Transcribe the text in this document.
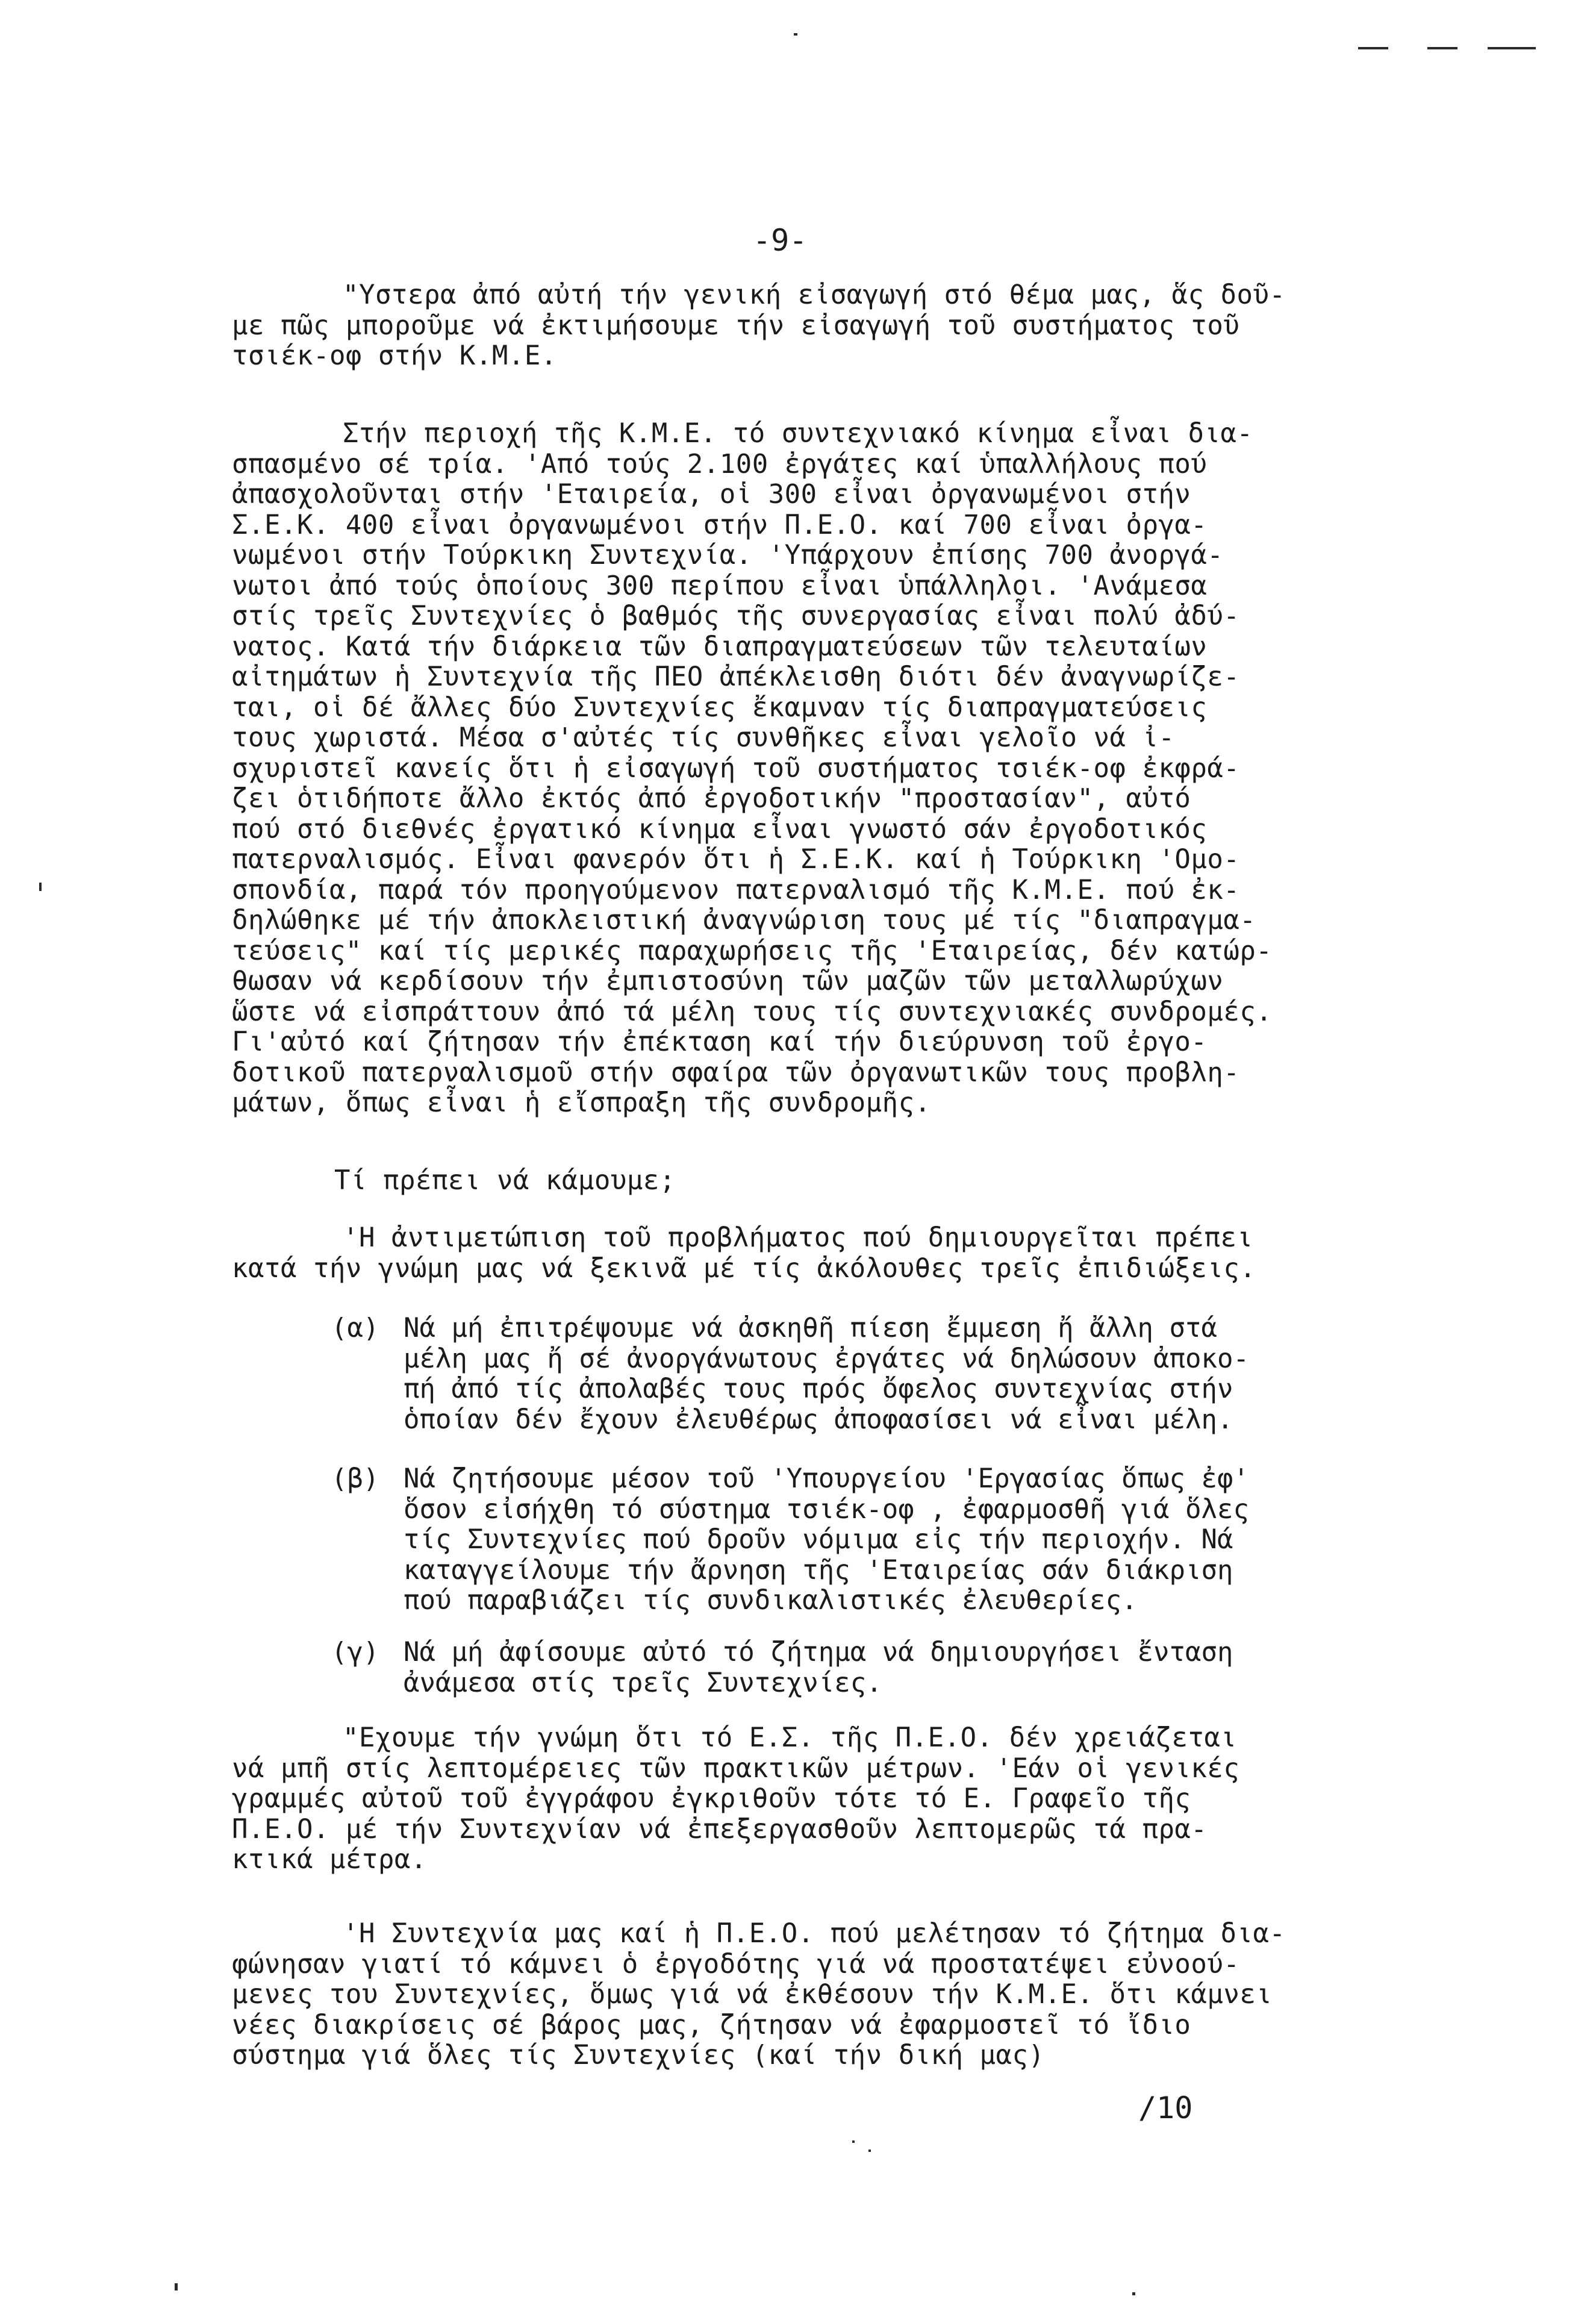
-9-
"Υστερα ἀπό αὐτή τήν γενική εἰσαγωγή στό θέμα μας, ἅς δοῦ-
με πῶς μποροῦμε νά ἐκτιμήσουμε τήν εἰσαγωγή τοῦ συστήματος τοῦ
τσιέκ-οφ στήν Κ.Μ.Ε.
Στήν περιοχή τῆς Κ.Μ.Ε. τό συντεχνιακό κίνημα εἶναι δια-
σπασμένο σέ τρία. 'Από τούς 2.100 ἐργάτες καί ὑπαλλήλους πού
ἀπασχολοῦνται στήν 'Εταιρεία, οἱ 300 εἶναι ὀργανωμένοι στήν
Σ.Ε.Κ. 400 εἶναι ὀργανωμένοι στήν Π.Ε.Ο. καί 700 εἶναι ὀργα-
νωμένοι στήν Τούρκικη Συντεχνία. 'Υπάρχουν ἐπίσης 700 ἀνοργά-
νωτοι ἀπό τούς ὁποίους 300 περίπου εἶναι ὑπάλληλοι. 'Ανάμεσα
στίς τρεῖς Συντεχνίες ὁ βαθμός τῆς συνεργασίας εἶναι πολύ ἀδύ-
νατος. Κατά τήν διάρκεια τῶν διαπραγματεύσεων τῶν τελευταίων
αἰτημάτων ἡ Συντεχνία τῆς ΠΕΟ ἀπέκλεισθη διότι δέν ἀναγνωρίζε-
ται, οἱ δέ ἄλλες δύο Συντεχνίες ἔκαμναν τίς διαπραγματεύσεις
τους χωριστά. Μέσα σ'αὐτές τίς συνθῆκες εἶναι γελοῖο νά ἰ-
σχυριστεῖ κανείς ὅτι ἡ εἰσαγωγή τοῦ συστήματος τσιέκ-οφ ἐκφρά-
ζει ὁτιδήποτε ἄλλο ἐκτός ἀπό ἐργοδοτικήν "προστασίαν", αὐτό
πού στό διεθνές ἐργατικό κίνημα εἶναι γνωστό σάν ἐργοδοτικός
πατερναλισμός. Εἶναι φανερόν ὅτι ἡ Σ.Ε.Κ. καί ἡ Τούρκικη 'Ομο-
σπονδία, παρά τόν προηγούμενον πατερναλισμό τῆς Κ.Μ.Ε. πού ἐκ-
δηλώθηκε μέ τήν ἀποκλειστική ἀναγνώριση τους μέ τίς "διαπραγμα-
τεύσεις" καί τίς μερικές παραχωρήσεις τῆς 'Εταιρείας, δέν κατώρ-
θωσαν νά κερδίσουν τήν ἐμπιστοσύνη τῶν μαζῶν τῶν μεταλλωρύχων
ὥστε νά εἰσπράττουν ἀπό τά μέλη τους τίς συντεχνιακές συνδρομές.
Γι'αὐτό καί ζήτησαν τήν ἐπέκταση καί τήν διεύρυνση τοῦ ἐργο-
δοτικοῦ πατερναλισμοῦ στήν σφαίρα τῶν ὀργανωτικῶν τους προβλη-
μάτων, ὅπως εἶναι ἡ εἴσπραξη τῆς συνδρομῆς.
Τί πρέπει νά κάμουμε;
'Η ἀντιμετώπιση τοῦ προβλήματος πού δημιουργεῖται πρέπει
κατά τήν γνώμη μας νά ξεκινᾶ μέ τίς ἀκόλουθες τρεῖς ἐπιδιώξεις.
(α) Νά μή ἐπιτρέψουμε νά ἀσκηθῆ πίεση ἔμμεση ἤ ἄλλη στά
μέλη μας ἤ σέ ἀνοργάνωτους ἐργάτες νά δηλώσουν ἀποκο-
πή ἀπό τίς ἀπολαβές τους πρός ὄφελος συντεχνίας στήν
ὁποίαν δέν ἔχουν ἐλευθέρως ἀποφασίσει νά εἶναι μέλη.
(β) Νά ζητήσουμε μέσον τοῦ 'Υπουργείου 'Εργασίας ὅπως ἐφ'
ὅσον εἰσήχθη τό σύστημα τσιέκ-οφ , ἐφαρμοσθῆ γιά ὅλες
τίς Συντεχνίες πού δροῦν νόμιμα εἰς τήν περιοχήν. Νά
καταγγείλουμε τήν ἄρνηση τῆς 'Εταιρείας σάν διάκριση
πού παραβιάζει τίς συνδικαλιστικές ἐλευθερίες.
(γ) Νά μή ἀφίσουμε αὐτό τό ζήτημα νά δημιουργήσει ἔνταση
ἀνάμεσα στίς τρεῖς Συντεχνίες.
"Εχουμε τήν γνώμη ὅτι τό Ε.Σ. τῆς Π.Ε.Ο. δέν χρειάζεται
νά μπῆ στίς λεπτομέρειες τῶν πρακτικῶν μέτρων. 'Εάν οἱ γενικές
γραμμές αὐτοῦ τοῦ ἐγγράφου ἐγκριθοῦν τότε τό Ε. Γραφεῖο τῆς
Π.Ε.Ο. μέ τήν Συντεχνίαν νά ἐπεξεργασθοῦν λεπτομερῶς τά πρα-
κτικά μέτρα.
'Η Συντεχνία μας καί ἡ Π.Ε.Ο. πού μελέτησαν τό ζήτημα δια-
φώνησαν γιατί τό κάμνει ὁ ἐργοδότης γιά νά προστατέψει εὐνοού-
μενες του Συντεχνίες, ὅμως γιά νά ἐκθέσουν τήν Κ.Μ.Ε. ὅτι κάμνει
νέες διακρίσεις σέ βάρος μας, ζήτησαν νά ἐφαρμοστεῖ τό ἴδιο
σύστημα γιά ὅλες τίς Συντεχνίες (καί τήν δική μας)
/10
